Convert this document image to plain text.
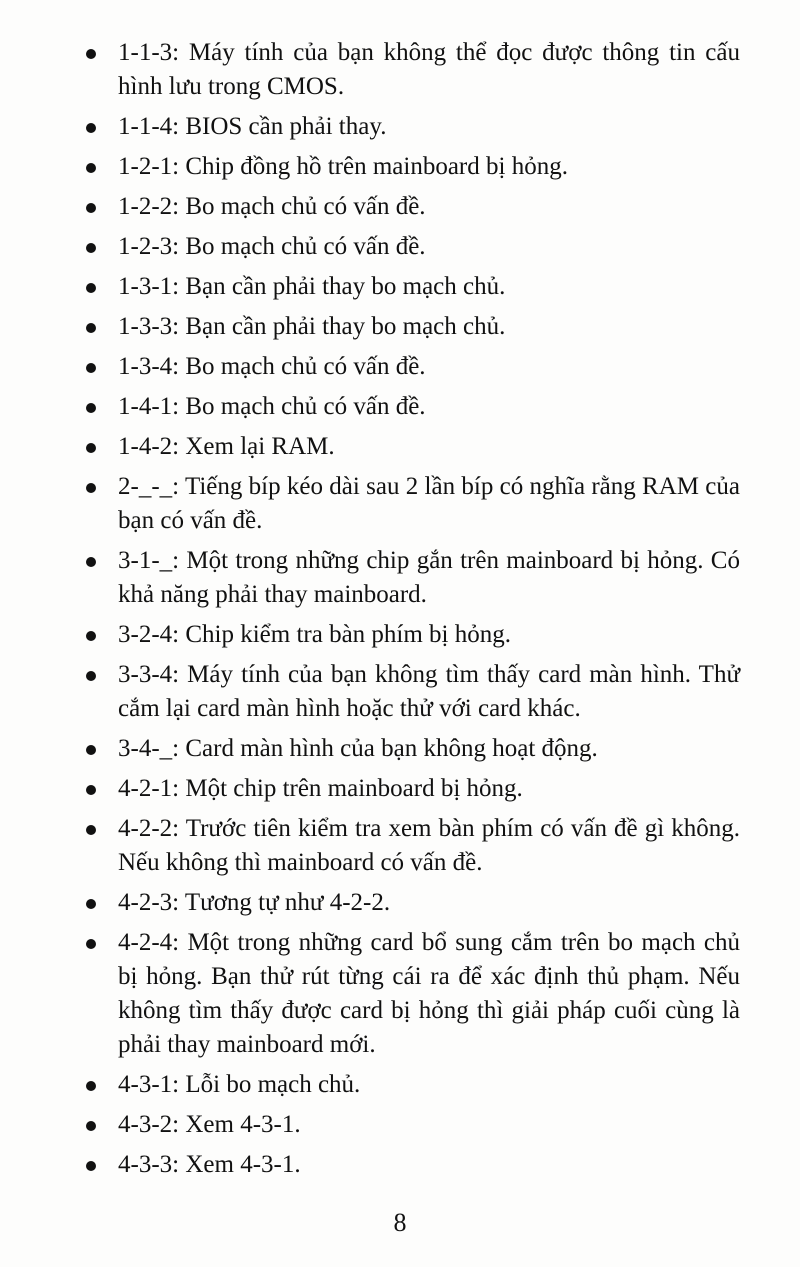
1-1-3: Máy tính của bạn không thể đọc được thông tin cấu hình lưu trong CMOS.
1-1-4: BIOS cần phải thay.
1-2-1: Chip đồng hồ trên mainboard bị hỏng.
1-2-2: Bo mạch chủ có vấn đề.
1-2-3: Bo mạch chủ có vấn đề.
1-3-1: Bạn cần phải thay bo mạch chủ.
1-3-3: Bạn cần phải thay bo mạch chủ.
1-3-4: Bo mạch chủ có vấn đề.
1-4-1: Bo mạch chủ có vấn đề.
1-4-2: Xem lại RAM.
2-_-_: Tiếng bíp kéo dài sau 2 lần bíp có nghĩa rằng RAM của bạn có vấn đề.
3-1-_: Một trong những chip gắn trên mainboard bị hỏng. Có khả năng phải thay mainboard.
3-2-4: Chip kiểm tra bàn phím bị hỏng.
3-3-4: Máy tính của bạn không tìm thấy card màn hình. Thử cắm lại card màn hình hoặc thử với card khác.
3-4-_: Card màn hình của bạn không hoạt động.
4-2-1: Một chip trên mainboard bị hỏng.
4-2-2: Trước tiên kiểm tra xem bàn phím có vấn đề gì không. Nếu không thì mainboard có vấn đề.
4-2-3: Tương tự như 4-2-2.
4-2-4: Một trong những card bổ sung cắm trên bo mạch chủ bị hỏng. Bạn thử rút từng cái ra để xác định thủ phạm. Nếu không tìm thấy được card bị hỏng thì giải pháp cuối cùng là phải thay mainboard mới.
4-3-1: Lỗi bo mạch chủ.
4-3-2: Xem 4-3-1.
4-3-3: Xem 4-3-1.
8
